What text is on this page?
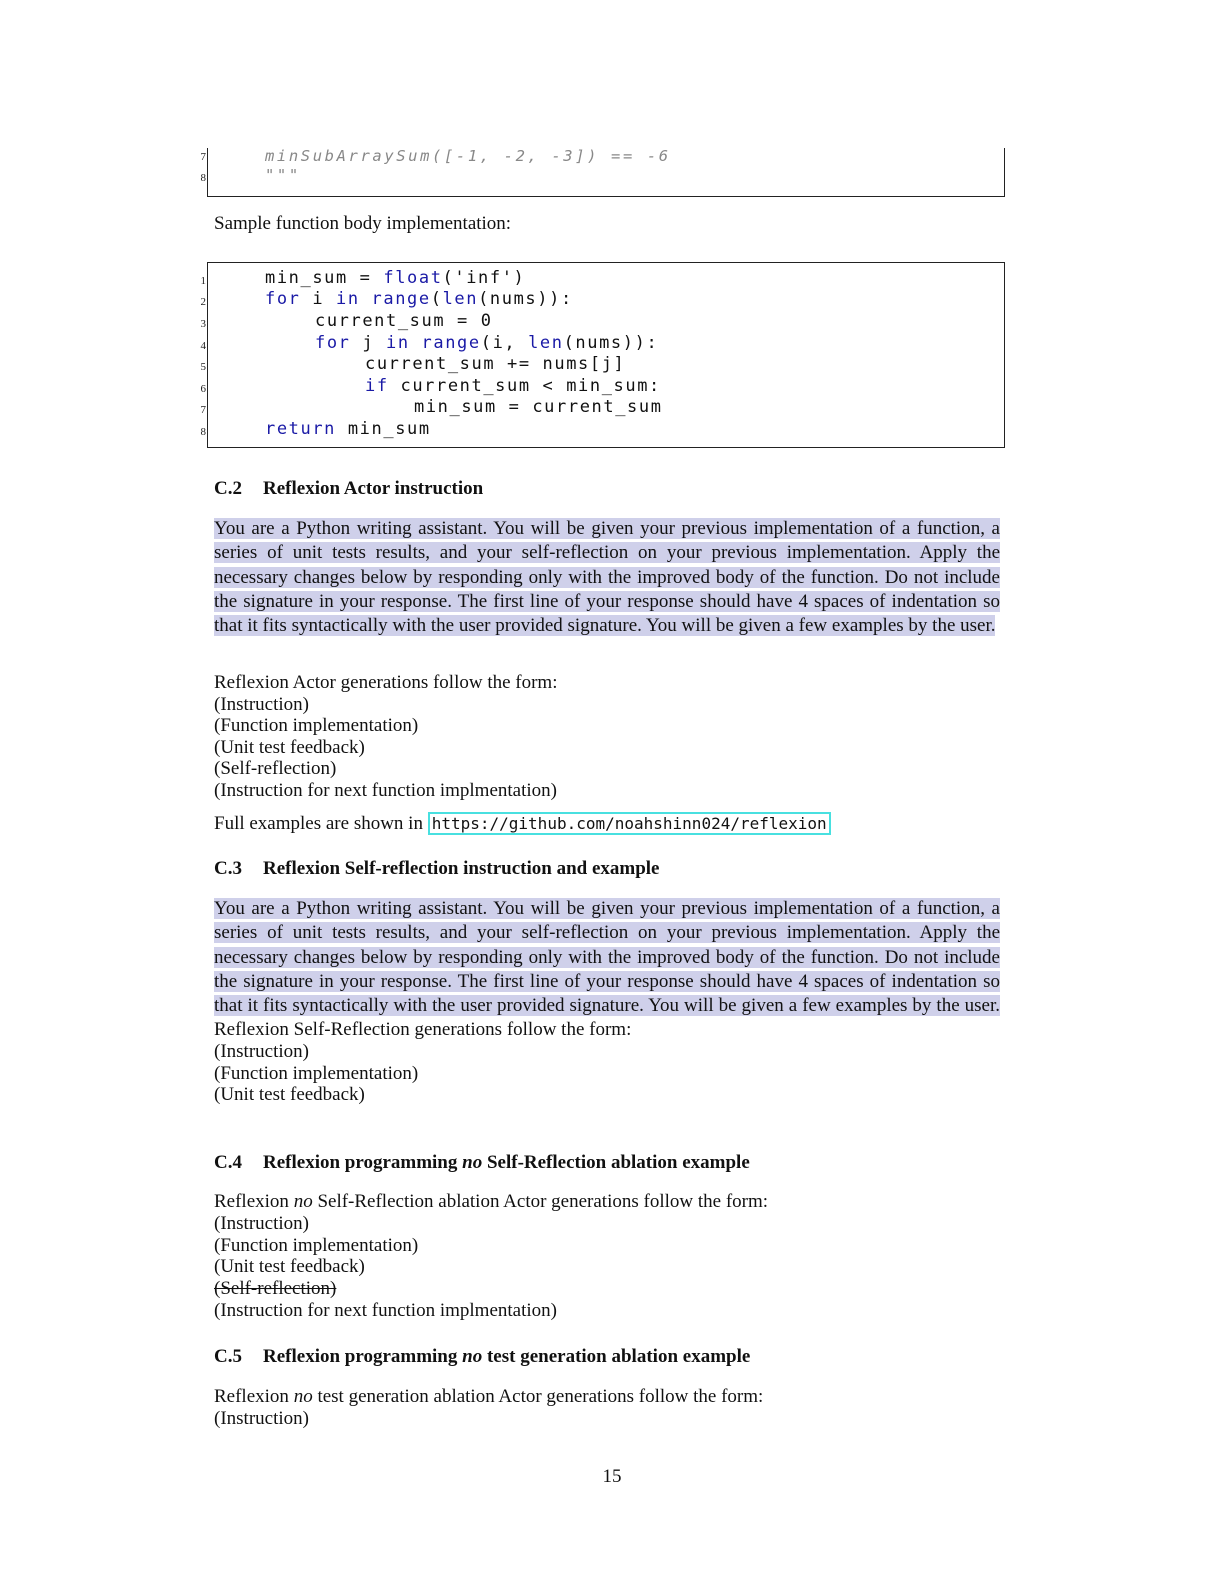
7
8
minSubArraySum([-1, -2, -3]) == -6
"""
Sample function body implementation:
1
2
3
4
5
6
7
8
min_sum = float('inf')
for i in range(len(nums)):
current_sum = 0
for j in range(i, len(nums)):
current_sum += nums[j]
if current_sum < min_sum:
min_sum = current_sum
return min_sum
C.2 Reflexion Actor instruction
You are a Python writing assistant. You will be given your previous implementation of a function, a series of unit tests results, and your self-reflection on your previous implementation. Apply the necessary changes below by responding only with the improved body of the function. Do not include the signature in your response. The first line of your response should have 4 spaces of indentation so that it fits syntactically with the user provided signature. You will be given a few examples by the user.
Reflexion Actor generations follow the form:
(Instruction)
(Function implementation)
(Unit test feedback)
(Self-reflection)
(Instruction for next function implmentation)
Full examples are shown in https://github.com/noahshinn024/reflexion
C.3 Reflexion Self-reflection instruction and example
You are a Python writing assistant. You will be given your previous implementation of a function, a series of unit tests results, and your self-reflection on your previous implementation. Apply the necessary changes below by responding only with the improved body of the function. Do not include the signature in your response. The first line of your response should have 4 spaces of indentation so that it fits syntactically with the user provided signature. You will be given a few examples by the user. Reflexion Self-Reflection generations follow the form:
(Instruction)
(Function implementation)
(Unit test feedback)
C.4 Reflexion programming no Self-Reflection ablation example
Reflexion no Self-Reflection ablation Actor generations follow the form:
(Instruction)
(Function implementation)
(Unit test feedback)
(Self-reflection)
(Instruction for next function implmentation)
C.5 Reflexion programming no test generation ablation example
Reflexion no test generation ablation Actor generations follow the form:
(Instruction)
15
